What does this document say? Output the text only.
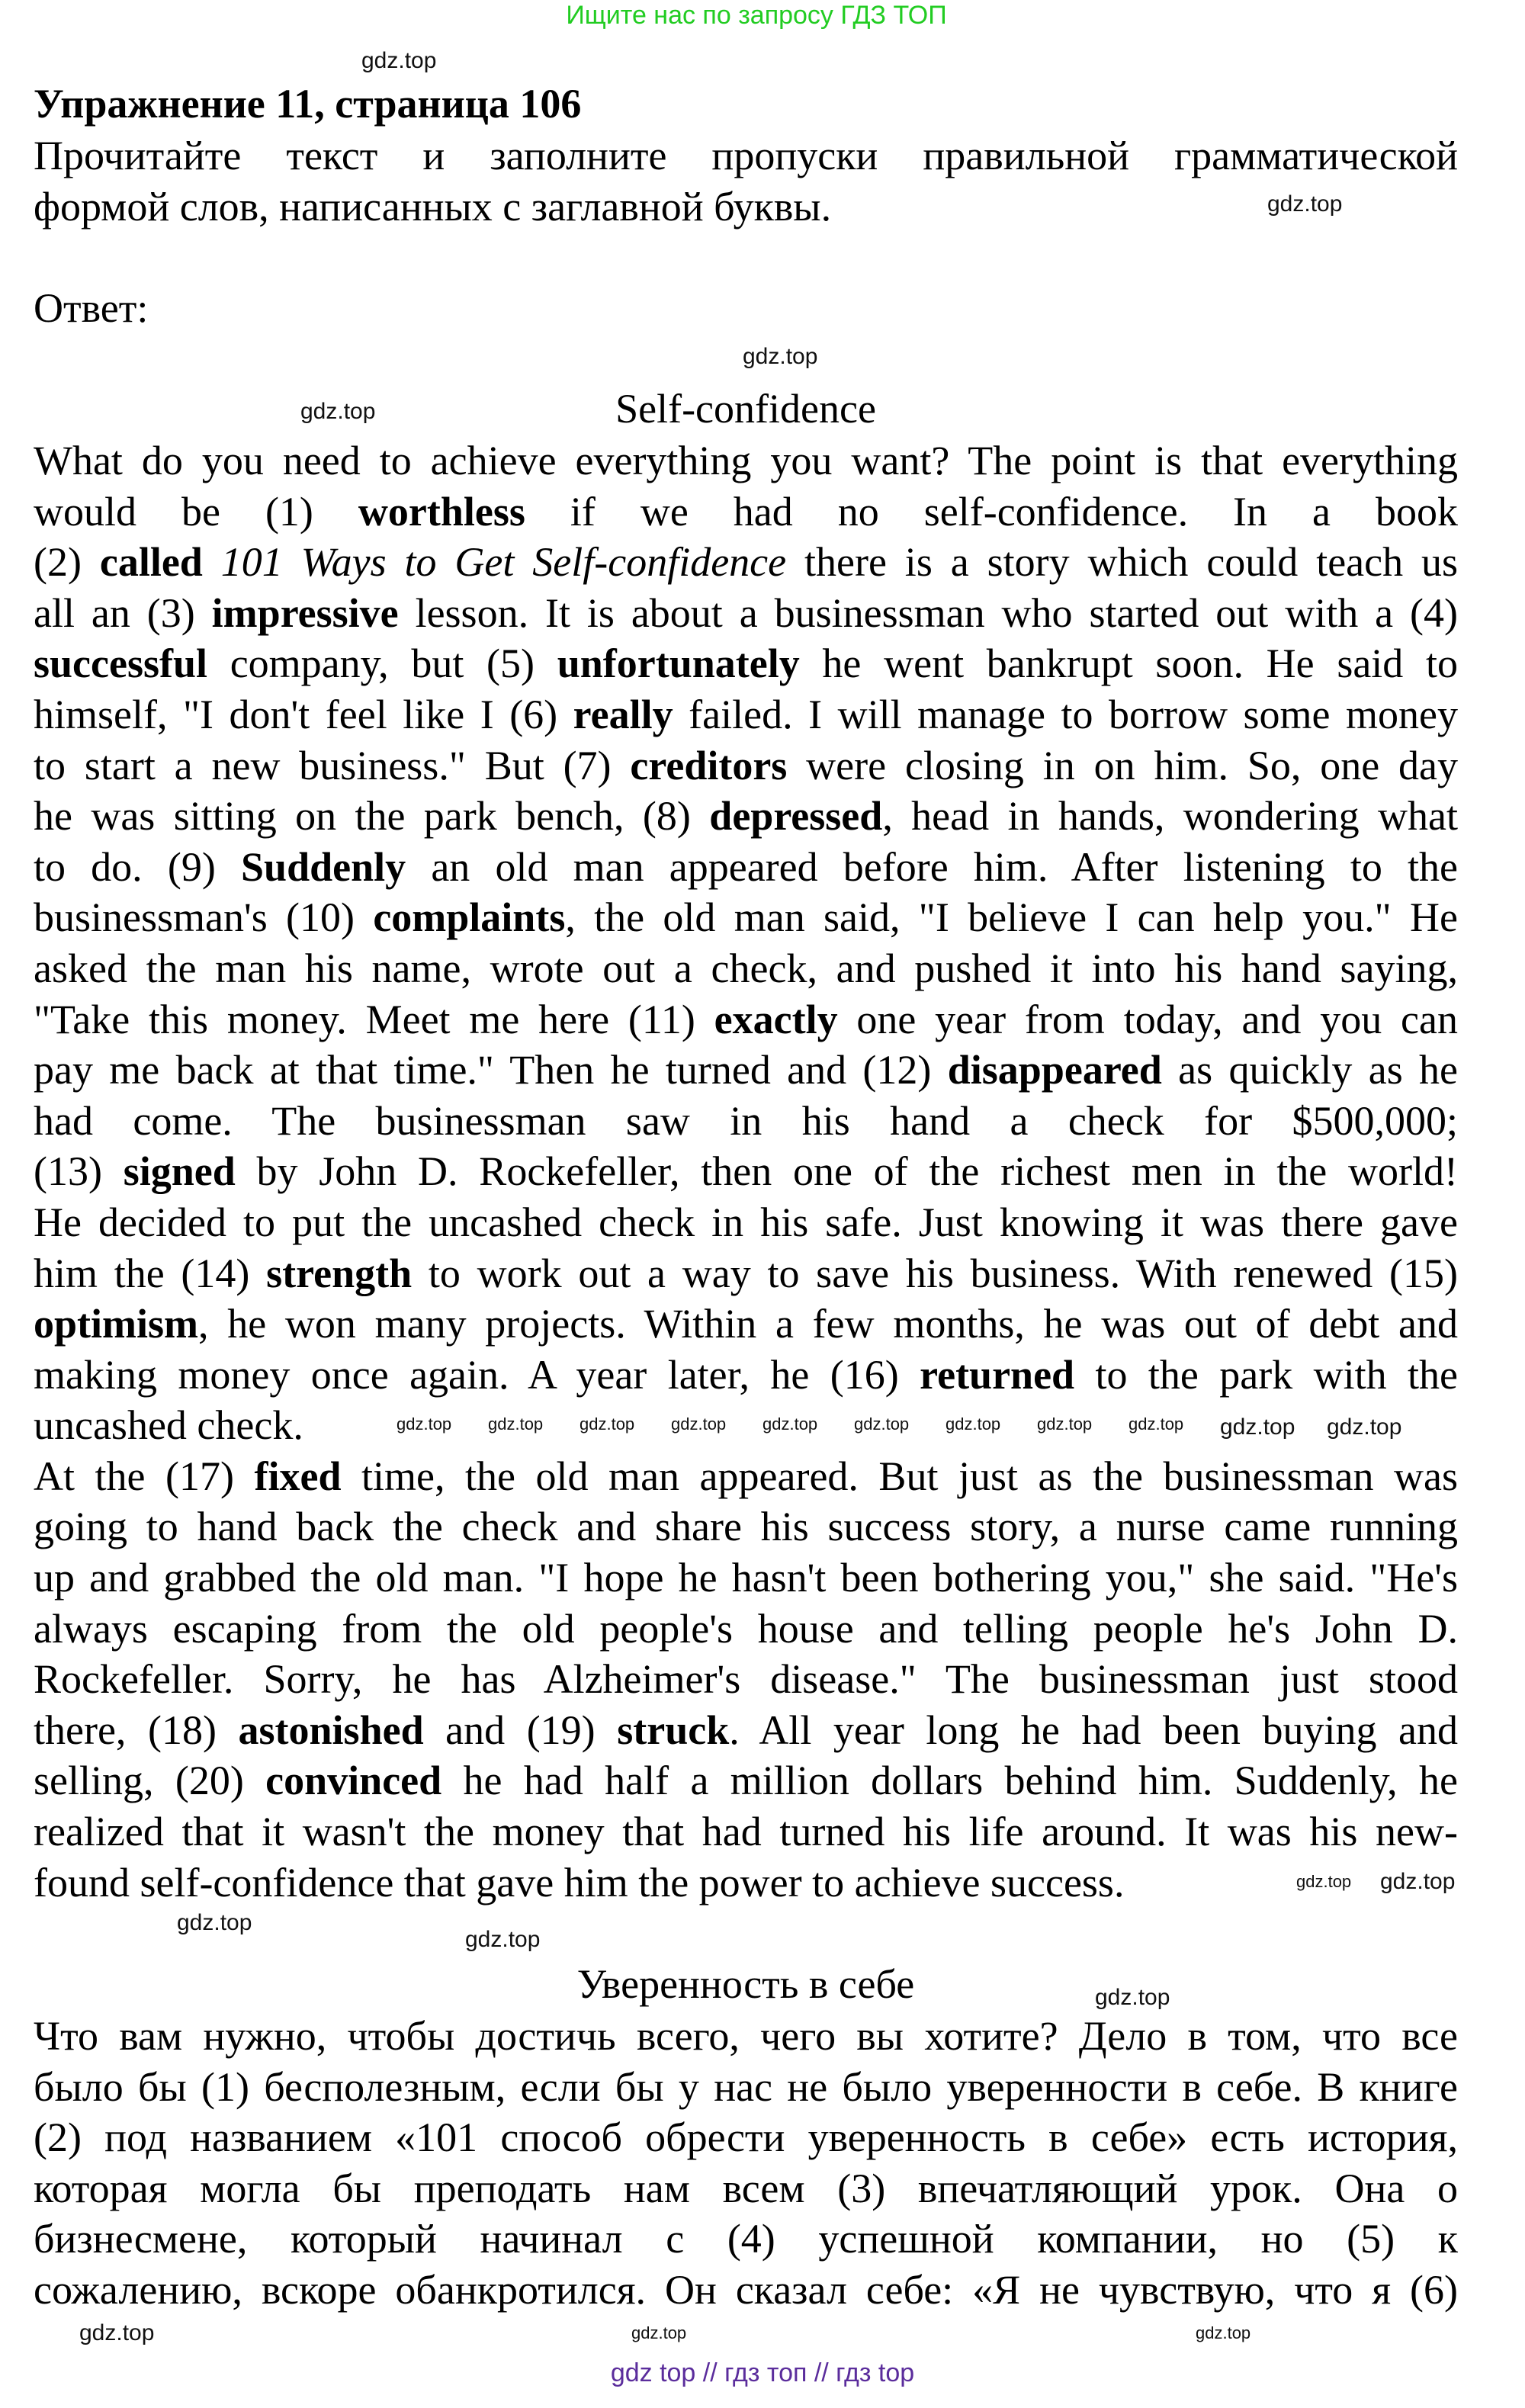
Ищите нас по запросу ГДЗ ТОП
Упражнение 11, страница 106
Прочитайте текст и заполните пропуски правильной грамматической
формой слов, написанных с заглавной буквы.
Ответ:
Self-confidence
What do you need to achieve everything you want? The point is that everything
would be (1) worthless if we had no self-confidence. In a book
(2) called 101 Ways to Get Self-confidence there is a story which could teach us
all an (3) impressive lesson. It is about a businessman who started out with a (4)
successful company, but (5) unfortunately he went bankrupt soon. He said to
himself, "I don't feel like I (6) really failed. I will manage to borrow some money
to start a new business." But (7) creditors were closing in on him. So, one day
he was sitting on the park bench, (8) depressed, head in hands, wondering what
to do. (9) Suddenly an old man appeared before him. After listening to the
businessman's (10) complaints, the old man said, "I believe I can help you." He
asked the man his name, wrote out a check, and pushed it into his hand saying,
"Take this money. Meet me here (11) exactly one year from today, and you can
pay me back at that time." Then he turned and (12) disappeared as quickly as he
had come. The businessman saw in his hand a check for $500,000;
(13) signed by John D. Rockefeller, then one of the richest men in the world!
He decided to put the uncashed check in his safe. Just knowing it was there gave
him the (14) strength to work out a way to save his business. With renewed (15)
optimism, he won many projects. Within a few months, he was out of debt and
making money once again. A year later, he (16) returned to the park with the
uncashed check.
At the (17) fixed time, the old man appeared. But just as the businessman was
going to hand back the check and share his success story, a nurse came running
up and grabbed the old man. "I hope he hasn't been bothering you," she said. "He's
always escaping from the old people's house and telling people he's John D.
Rockefeller. Sorry, he has Alzheimer's disease." The businessman just stood
there, (18) astonished and (19) struck. All year long he had been buying and
selling, (20) convinced he had half a million dollars behind him. Suddenly, he
realized that it wasn't the money that had turned his life around. It was his new-
found self-confidence that gave him the power to achieve success.
Уверенность в себе
Что вам нужно, чтобы достичь всего, чего вы хотите? Дело в том, что все
было бы (1) бесполезным, если бы у нас не было уверенности в себе. В книге
(2) под названием «101 способ обрести уверенность в себе» есть история,
которая могла бы преподать нам всем (3) впечатляющий урок. Она о
бизнесмене, который начинал с (4) успешной компании, но (5) к
сожалению, вскоре обанкротился. Он сказал себе: «Я не чувствую, что я (6)
gdz.top
gdz.top
gdz.top
gdz.top
gdz.top gdz.top gdz.top gdz.top gdz.top gdz.top gdz.top gdz.top gdz.top gdz.top gdz.top
gdz.top gdz.top
gdz.top
gdz.top
gdz.top
gdz.top
gdz.top
gdz.top
gdz top // гдз топ // гдз top
